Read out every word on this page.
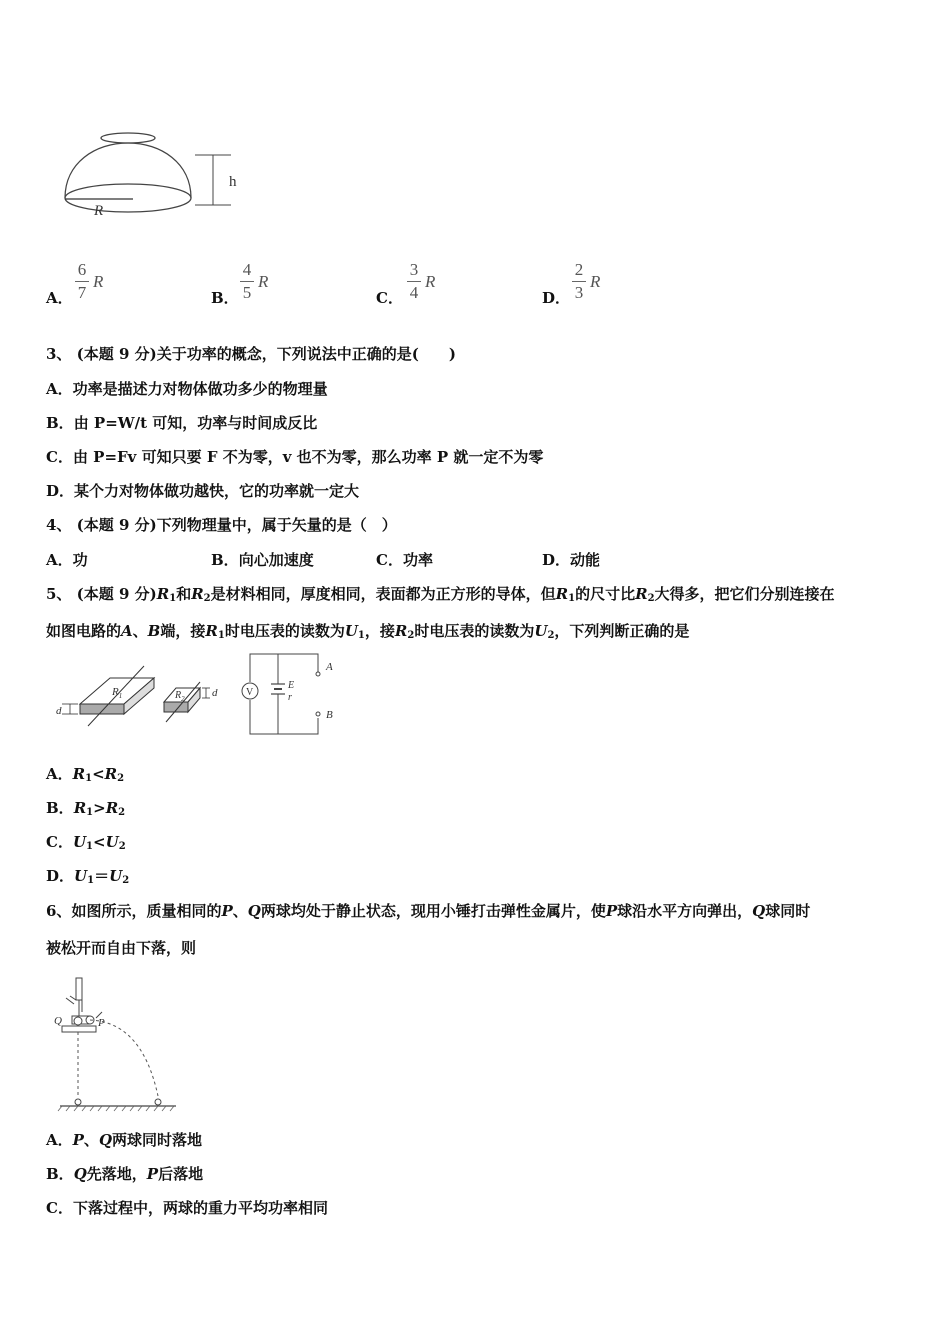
h
R
A．
6
7
R
B．
4
5
R
C．
3
4
R
D．
2
3
R
3、 (本题 9 分)关于功率的概念，下列说法中正确的是(　　)
A．功率是描述力对物体做功多少的物理量
B．由 P=W/t 可知，功率与时间成反比
C．由 P=Fv 可知只要 F 不为零，v 也不为零，那么功率 P 就一定不为零
D．某个力对物体做功越快，它的功率就一定大
4、 (本题 9 分)下列物理量中，属于矢量的是（　）
A．功	B．向心加速度	C．功率	D．动能
5、 (本题 9 分)$R_1$和$R_2$是材料相同，厚度相同，表面都为正方形的导体，但$R_1$的尺寸比$R_2$大得多，把它们分别连接在
如图电路的A、B端，接$R_1$时电压表的读数为$U_1$，接$R_2$时电压表的读数为$U_2$，下列判断正确的是
$R_1$
d
$R_2$ d	V
E
r
A
B
A．$R_1<R_2$
B．$R_1>R_2$
C．$U_1<U_2$
D．$U_1=U_2$
6、如图所示，质量相同的P、Q两球均处于静止状态，现用小锤打击弹性金属片，使P球沿水平方向弹出，Q球同时
被松开而自由下落，则
Q	P
A．P、Q两球同时落地
B．Q先落地，P后落地
C．下落过程中，两球的重力平均功率相同
